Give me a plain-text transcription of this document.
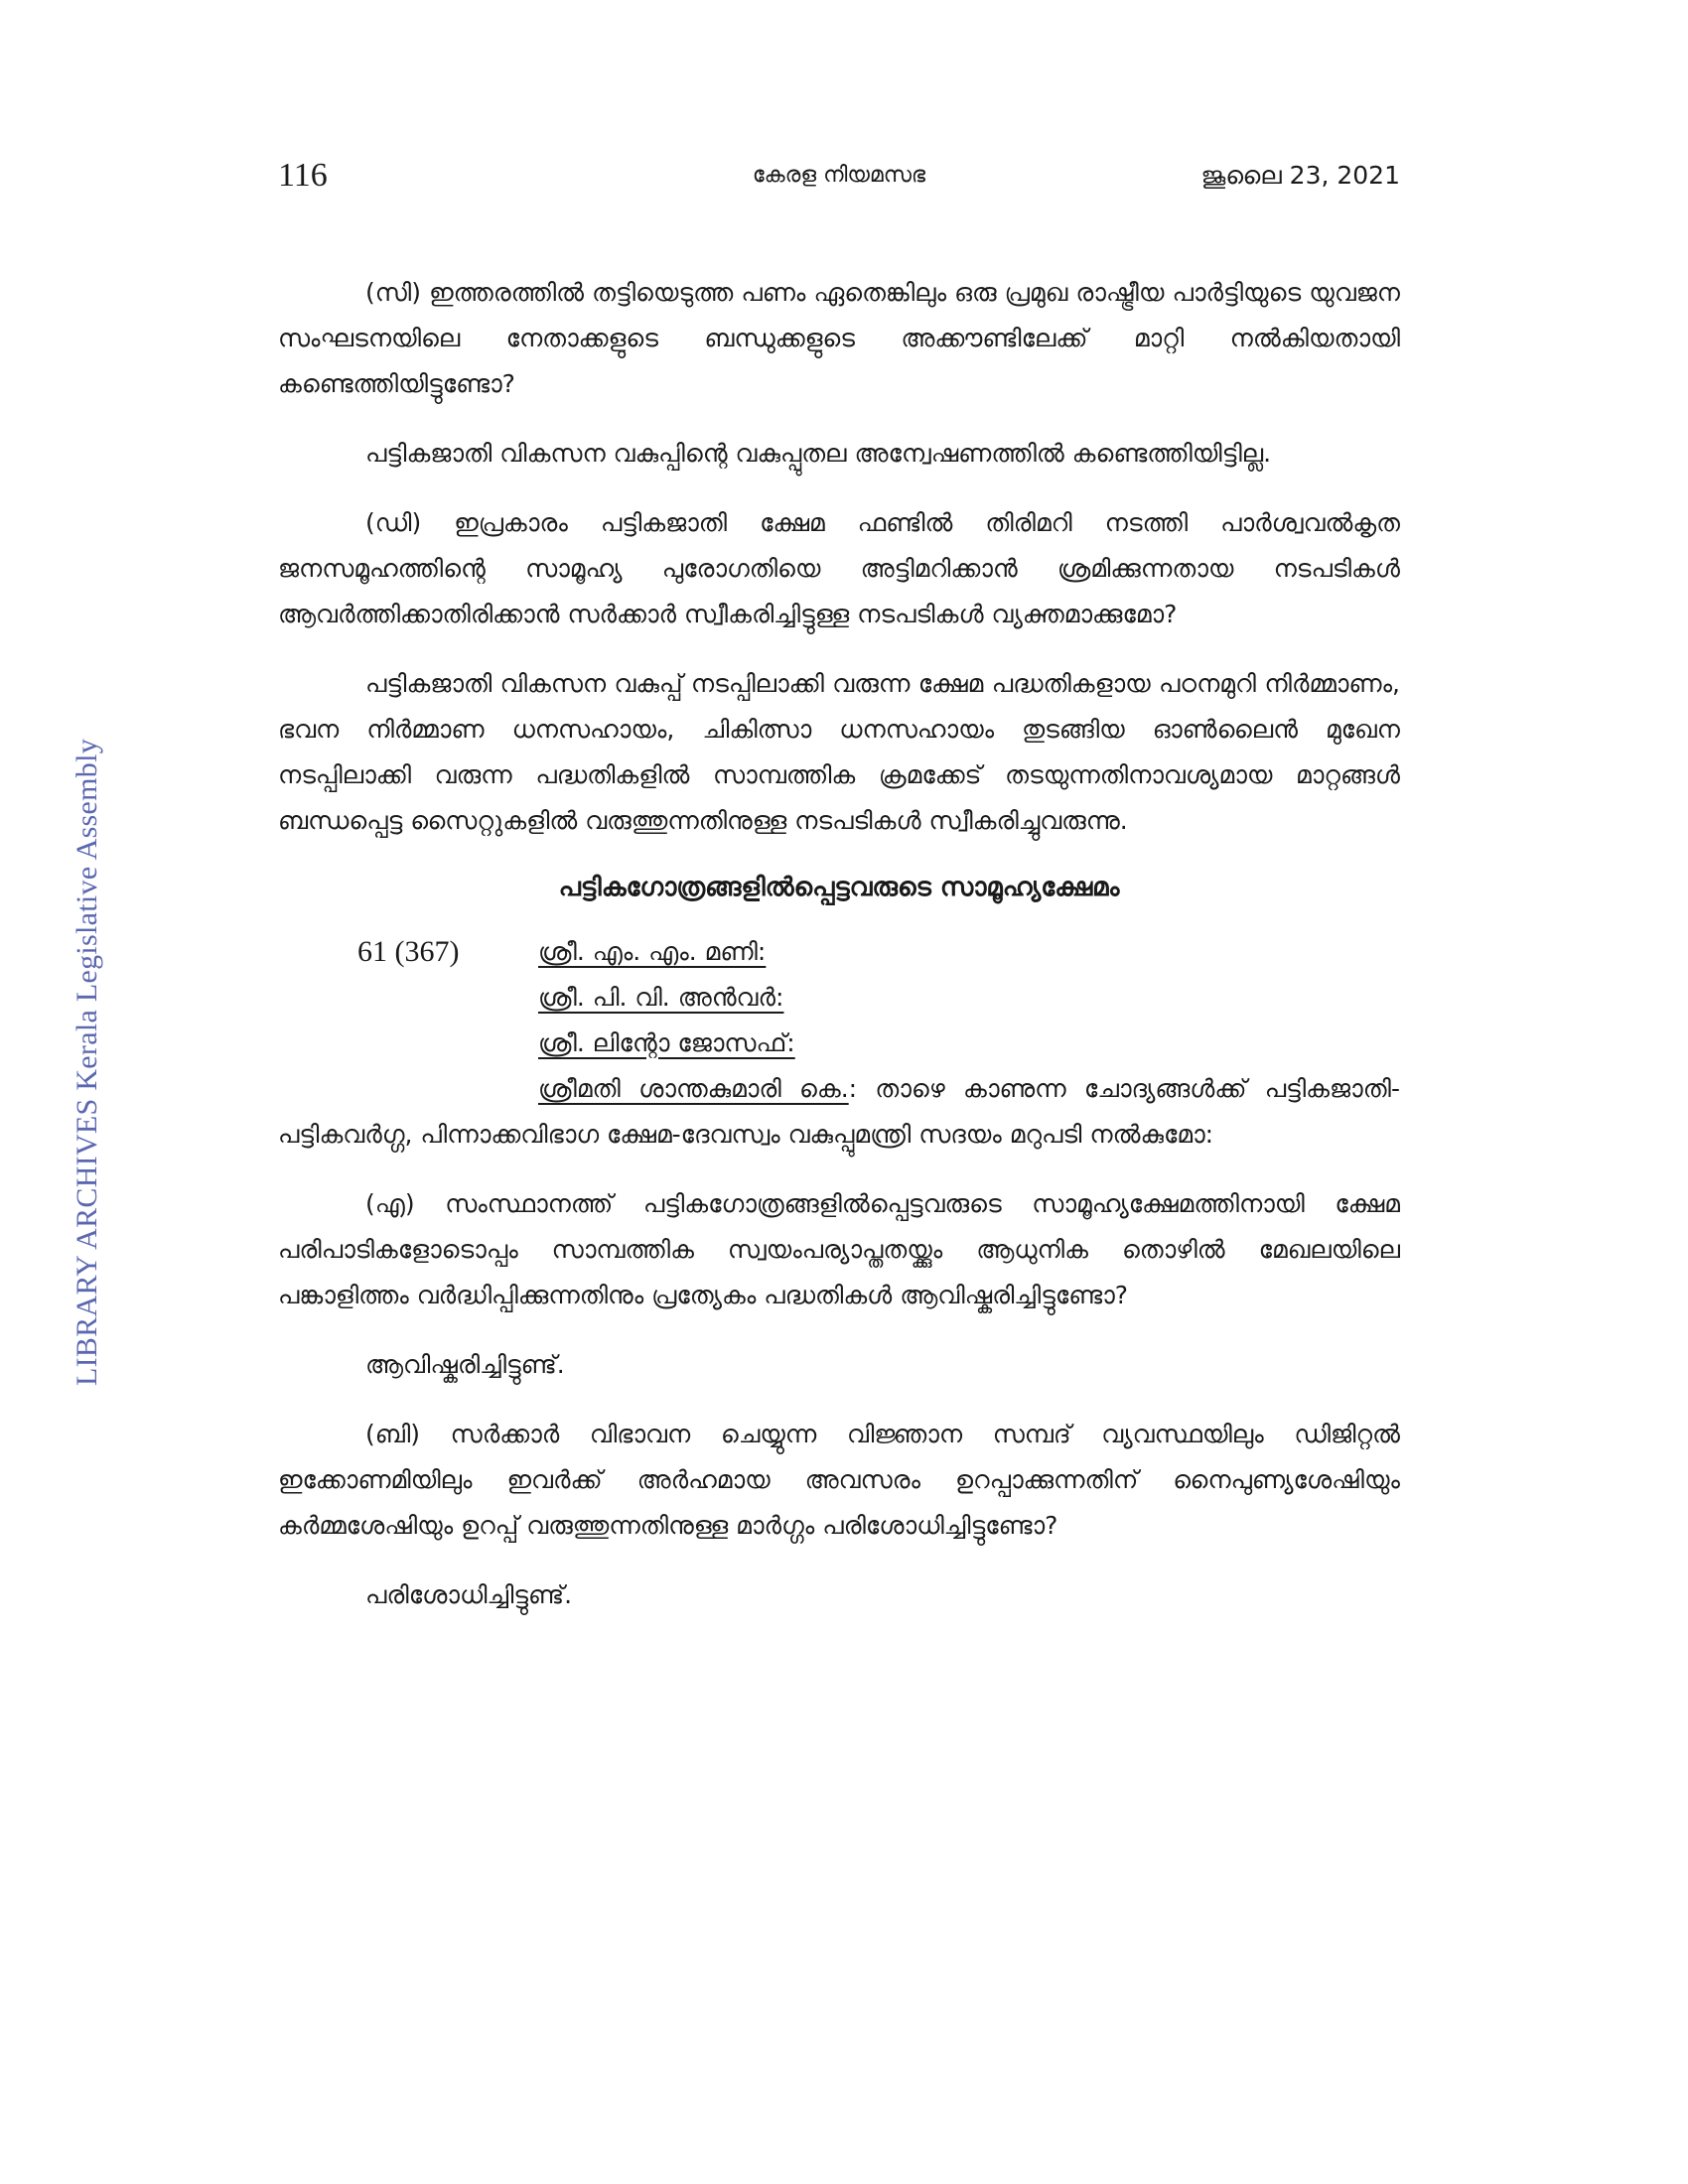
LIBRARY ARCHIVES Kerala Legislative Assembly
116	കേരള നിയമസഭ	ജൂലൈ 23, 2021

(സി) ഇത്തരത്തിൽ തട്ടിയെടുത്ത പണം ഏതെങ്കിലും ഒരു പ്രമുഖ രാഷ്ട്രീയ പാർട്ടിയുടെ യുവജന സംഘടനയിലെ നേതാക്കളുടെ ബന്ധുക്കളുടെ അക്കൗണ്ടിലേക്ക് മാറ്റി നൽകിയതായി കണ്ടെത്തിയിട്ടുണ്ടോ?

പട്ടികജാതി വികസന വകുപ്പിന്റെ വകുപ്പുതല അന്വേഷണത്തിൽ കണ്ടെത്തിയിട്ടില്ല.

(ഡി) ഇപ്രകാരം പട്ടികജാതി ക്ഷേമ ഫണ്ടിൽ തിരിമറി നടത്തി പാർശ്വവൽകൃത ജനസമൂഹത്തിന്റെ സാമൂഹ്യ പുരോഗതിയെ അട്ടിമറിക്കാൻ ശ്രമിക്കുന്നതായ നടപടികൾ ആവർത്തിക്കാതിരിക്കാൻ സർക്കാർ സ്വീകരിച്ചിട്ടുള്ള നടപടികൾ വ്യക്തമാക്കുമോ?

പട്ടികജാതി വികസന വകുപ്പ് നടപ്പിലാക്കി വരുന്ന ക്ഷേമ പദ്ധതികളായ പഠനമുറി നിർമ്മാണം, ഭവന നിർമ്മാണ ധനസഹായം, ചികിത്സാ ധനസഹായം തുടങ്ങിയ ഓൺലൈൻ മുഖേന നടപ്പിലാക്കി വരുന്ന പദ്ധതികളിൽ സാമ്പത്തിക ക്രമക്കേട് തടയുന്നതിനാവശ്യമായ മാറ്റങ്ങൾ ബന്ധപ്പെട്ട സൈറ്റുകളിൽ വരുത്തുന്നതിനുള്ള നടപടികൾ സ്വീകരിച്ചുവരുന്നു.

പട്ടികഗോത്രങ്ങളിൽപ്പെട്ടവരുടെ സാമൂഹ്യക്ഷേമം
61 (367)	ശ്രീ. എം. എം. മണി:
ശ്രീ. പി. വി. അൻവർ:
ശ്രീ. ലിന്റോ ജോസഫ്:

ശ്രീമതി ശാന്തകുമാരി കെ.: താഴെ കാണുന്ന ചോദ്യങ്ങൾക്ക് പട്ടികജാതി-പട്ടികവർഗ്ഗ, പിന്നാക്കവിഭാഗ ക്ഷേമ-ദേവസ്വം വകുപ്പുമന്ത്രി സദയം മറുപടി നൽകുമോ:

(എ) സംസ്ഥാനത്ത് പട്ടികഗോത്രങ്ങളിൽപ്പെട്ടവരുടെ സാമൂഹ്യക്ഷേമത്തിനായി ക്ഷേമ പരിപാടികളോടൊപ്പം സാമ്പത്തിക സ്വയംപര്യാപ്തതയ്ക്കും ആധുനിക തൊഴിൽ മേഖലയിലെ പങ്കാളിത്തം വർദ്ധിപ്പിക്കുന്നതിനും പ്രത്യേകം പദ്ധതികൾ ആവിഷ്കരിച്ചിട്ടുണ്ടോ?

ആവിഷ്കരിച്ചിട്ടുണ്ട്.

(ബി) സർക്കാർ വിഭാവന ചെയ്യുന്ന വിജ്ഞാന സമ്പദ് വ്യവസ്ഥയിലും ഡിജിറ്റൽ ഇക്കോണമിയിലും ഇവർക്ക് അർഹമായ അവസരം ഉറപ്പാക്കുന്നതിന് നൈപുണ്യശേഷിയും കർമ്മശേഷിയും ഉറപ്പ് വരുത്തുന്നതിനുള്ള മാർഗ്ഗം പരിശോധിച്ചിട്ടുണ്ടോ?

പരിശോധിച്ചിട്ടുണ്ട്.
